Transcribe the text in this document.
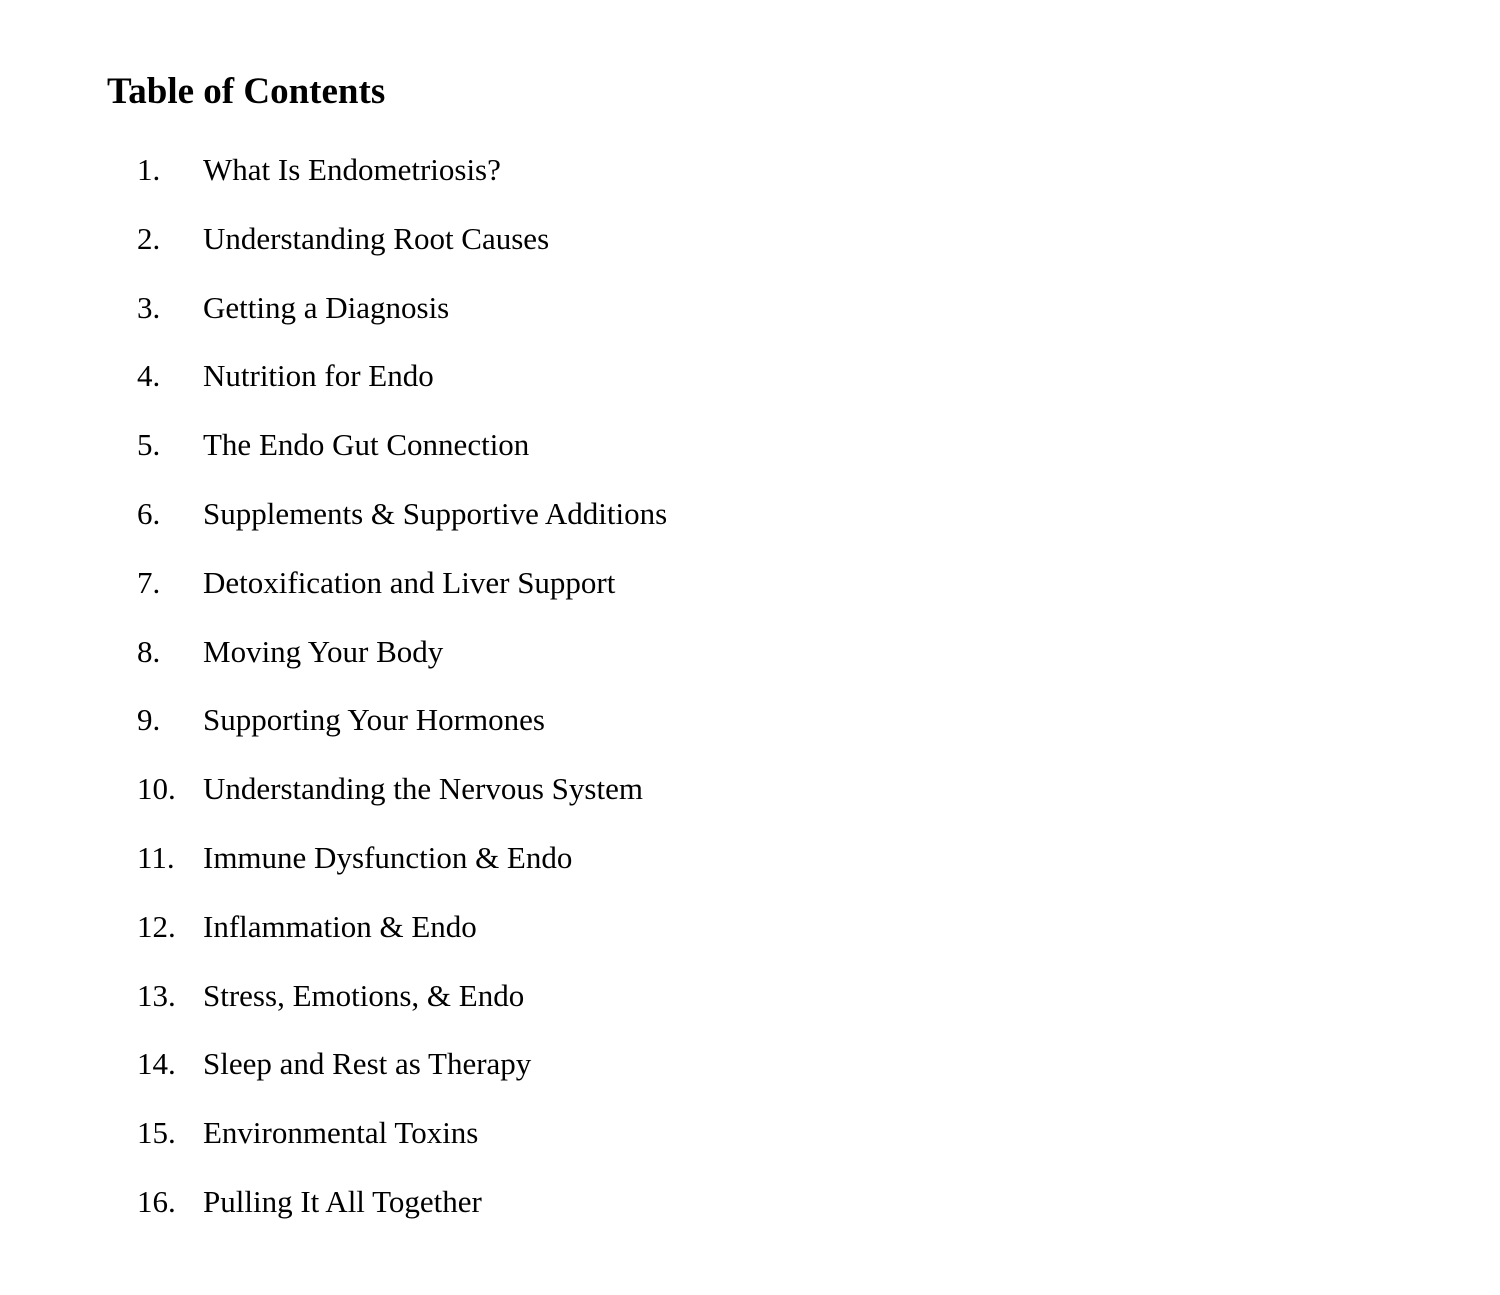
Table of Contents
1. What Is Endometriosis?
2. Understanding Root Causes
3. Getting a Diagnosis
4. Nutrition for Endo
5. The Endo Gut Connection
6. Supplements & Supportive Additions
7. Detoxification and Liver Support
8. Moving Your Body
9. Supporting Your Hormones
10. Understanding the Nervous System
11. Immune Dysfunction & Endo
12. Inflammation & Endo
13. Stress, Emotions, & Endo
14. Sleep and Rest as Therapy
15. Environmental Toxins
16. Pulling It All Together
